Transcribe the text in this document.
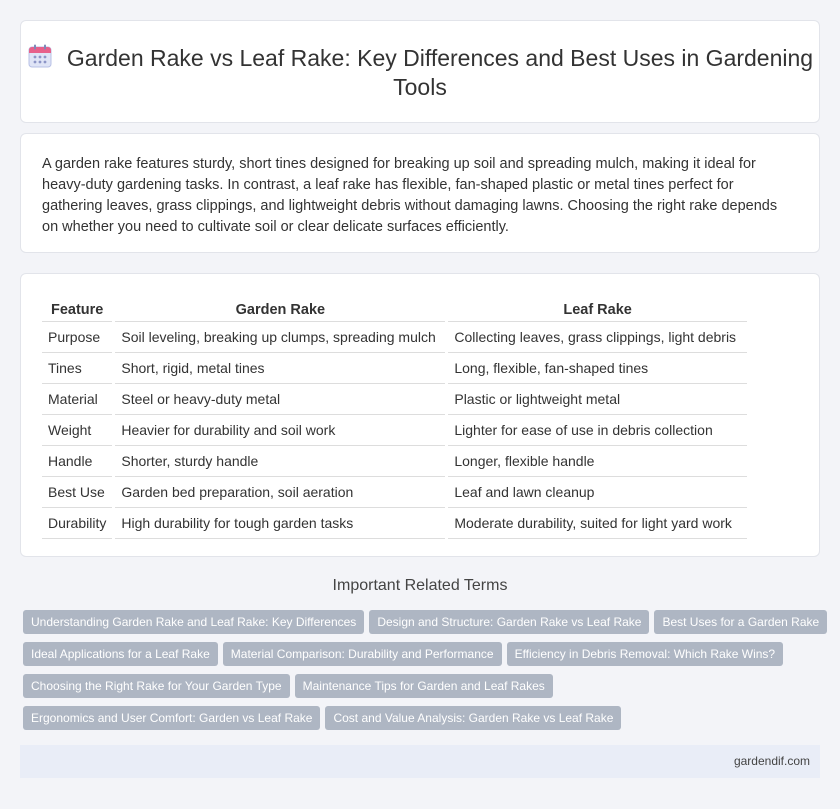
Garden Rake vs Leaf Rake: Key Differences and Best Uses in Gardening Tools

A garden rake features sturdy, short tines designed for breaking up soil and spreading mulch, making it ideal for heavy-duty gardening tasks. In contrast, a leaf rake has flexible, fan-shaped plastic or metal tines perfect for gathering leaves, grass clippings, and lightweight debris without damaging lawns. Choosing the right rake depends on whether you need to cultivate soil or clear delicate surfaces efficiently.

Feature	Garden Rake	Leaf Rake
Purpose	Soil leveling, breaking up clumps, spreading mulch	Collecting leaves, grass clippings, light debris
Tines	Short, rigid, metal tines	Long, flexible, fan-shaped tines
Material	Steel or heavy-duty metal	Plastic or lightweight metal
Weight	Heavier for durability and soil work	Lighter for ease of use in debris collection
Handle	Shorter, sturdy handle	Longer, flexible handle
Best Use	Garden bed preparation, soil aeration	Leaf and lawn cleanup
Durability	High durability for tough garden tasks	Moderate durability, suited for light yard work
Important Related Terms
Understanding Garden Rake and Leaf Rake: Key Differences Design and Structure: Garden Rake vs Leaf Rake Best Uses for a Garden Rake
Ideal Applications for a Leaf Rake Material Comparison: Durability and Performance Efficiency in Debris Removal: Which Rake Wins?
Choosing the Right Rake for Your Garden Type Maintenance Tips for Garden and Leaf Rakes
Ergonomics and User Comfort: Garden vs Leaf Rake Cost and Value Analysis: Garden Rake vs Leaf Rake
gardendif.com
